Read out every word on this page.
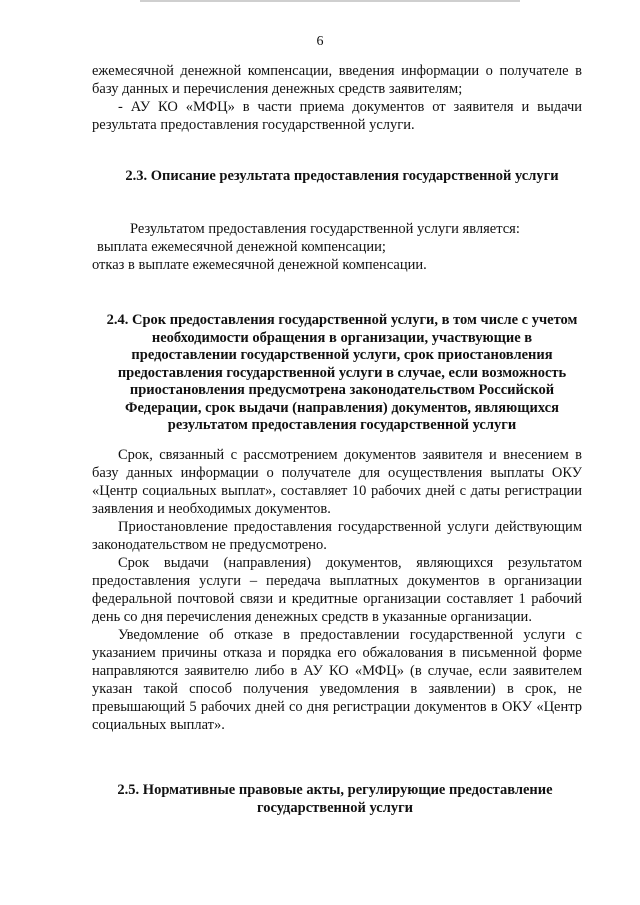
6

ежемесячной денежной компенсации, введения информации о получателе в базу данных и перечисления денежных средств заявителям;

- АУ КО «МФЦ» в части приема документов от заявителя и выдачи результата предоставления государственной услуги.

2.3. Описание результата предоставления государственной услуги

Результатом предоставления государственной услуги является:

выплата ежемесячной денежной компенсации;

отказ в выплате ежемесячной денежной компенсации.

2.4. Срок предоставления государственной услуги, в том числе с учетом необходимости обращения в организации, участвующие в предоставлении государственной услуги, срок приостановления предоставления государственной услуги в случае, если возможность приостановления предусмотрена законодательством Российской Федерации, срок выдачи (направления) документов, являющихся результатом предоставления государственной услуги

Срок, связанный с рассмотрением документов заявителя и внесением в базу данных информации о получателе для осуществления выплаты ОКУ «Центр социальных выплат», составляет 10 рабочих дней с даты регистрации заявления и необходимых документов.

Приостановление предоставления государственной услуги действующим законодательством не предусмотрено.

Срок выдачи (направления) документов, являющихся результатом предоставления услуги – передача выплатных документов в организации федеральной почтовой связи и кредитные организации составляет 1 рабочий день со дня перечисления денежных средств в указанные организации.

Уведомление об отказе в предоставлении государственной услуги с указанием причины отказа и порядка его обжалования в письменной форме направляются заявителю либо в АУ КО «МФЦ» (в случае, если заявителем указан такой способ получения уведомления в заявлении) в срок, не превышающий 5 рабочих дней со дня регистрации документов в ОКУ «Центр социальных выплат».

2.5. Нормативные правовые акты, регулирующие предоставление государственной услуги
